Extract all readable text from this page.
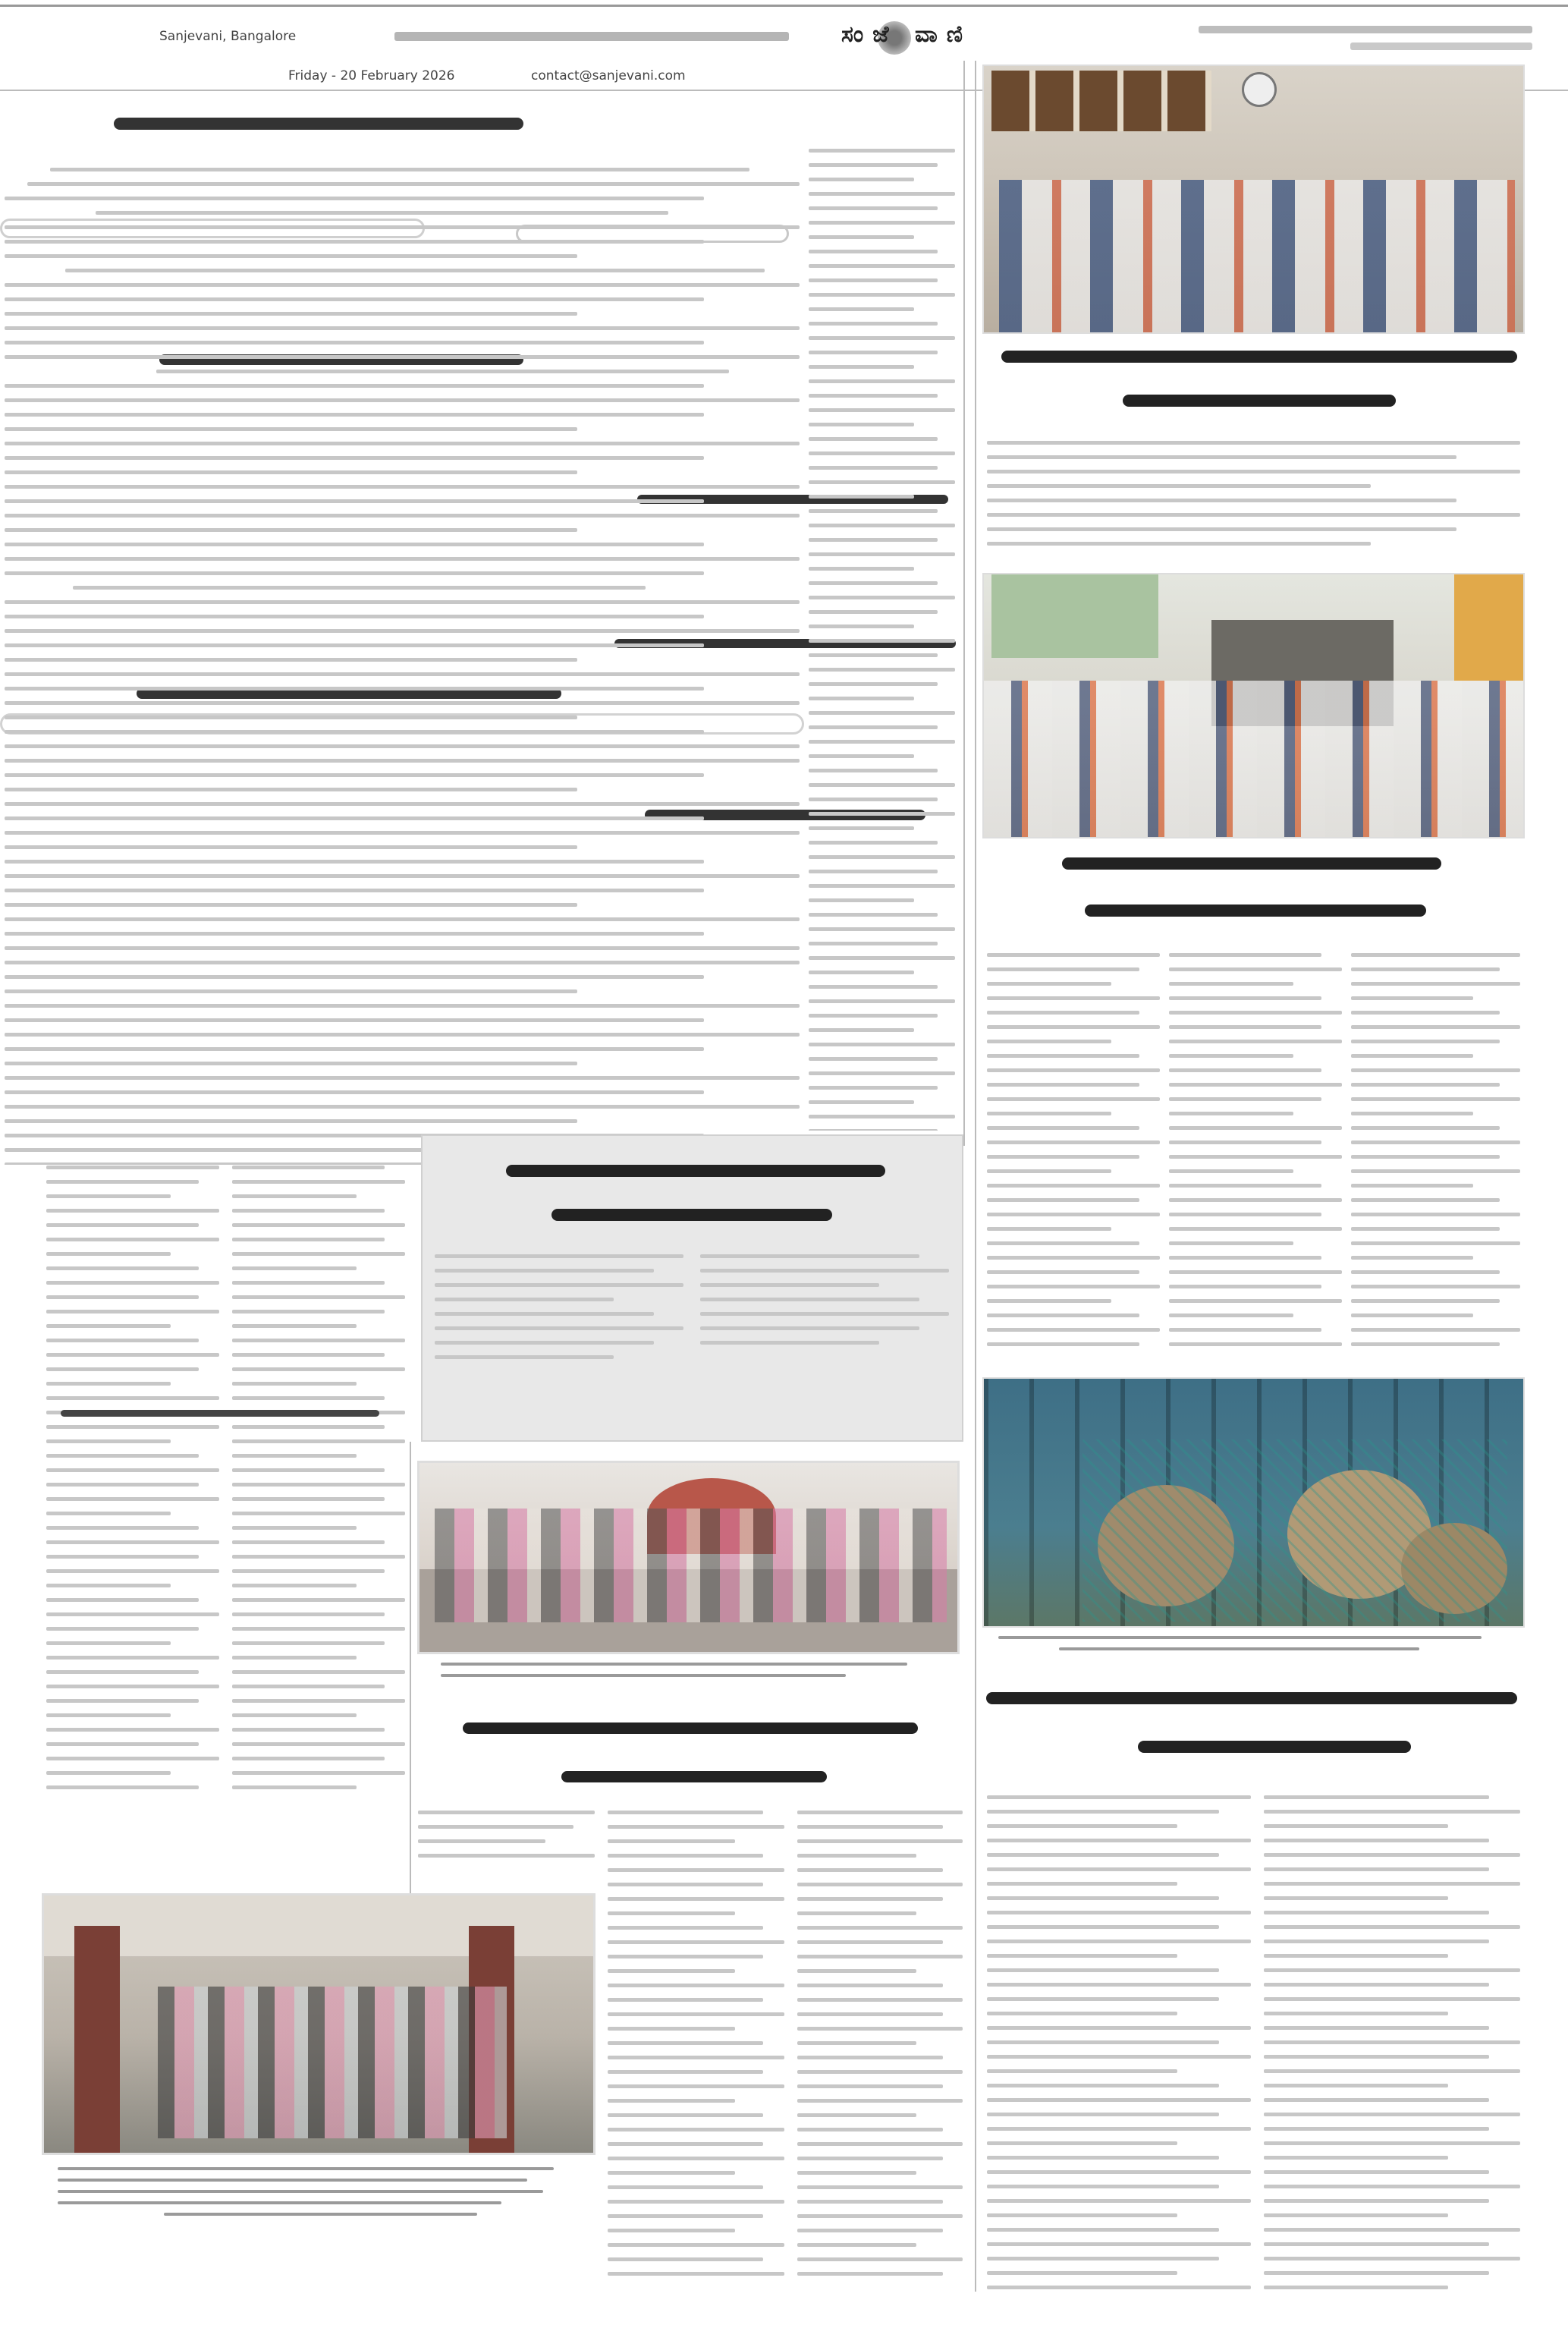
Sanjevani, Bangalore
Friday - 20 February 2026	contact@sanjevani.com
ಸಂಜೆ ವಾಣಿ
